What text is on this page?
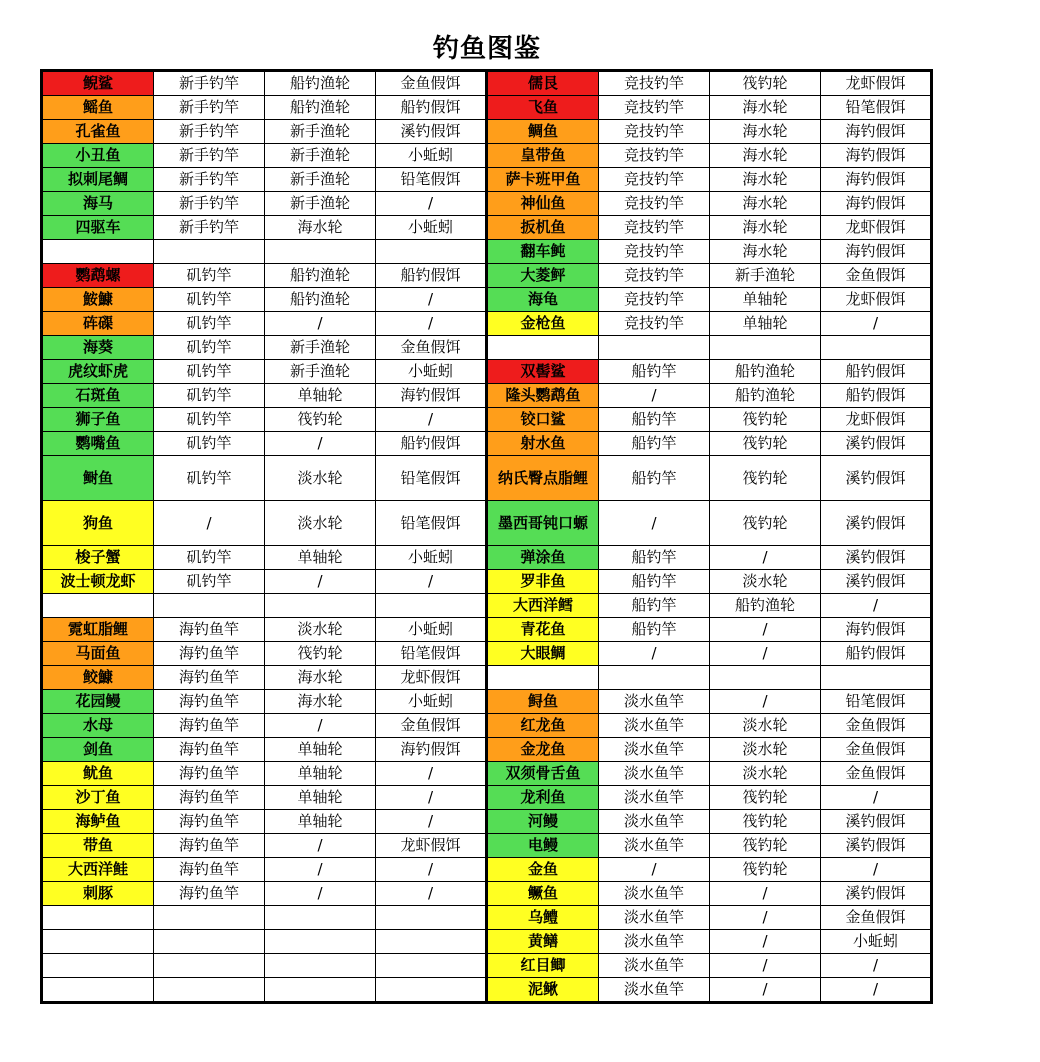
钓鱼图鉴
鲵鲨	新手钓竿	船钓渔轮	金鱼假饵	儒艮	竞技钓竿	筏钓轮	龙虾假饵
鳐鱼	新手钓竿	船钓渔轮	船钓假饵	飞鱼	竞技钓竿	海水轮	铅笔假饵
孔雀鱼	新手钓竿	新手渔轮	溪钓假饵	鲷鱼	竞技钓竿	海水轮	海钓假饵
小丑鱼	新手钓竿	新手渔轮	小蚯蚓	皇带鱼	竞技钓竿	海水轮	海钓假饵
拟刺尾鲷	新手钓竿	新手渔轮	铅笔假饵	萨卡班甲鱼	竞技钓竿	海水轮	海钓假饵
海马	新手钓竿	新手渔轮	/	神仙鱼	竞技钓竿	海水轮	海钓假饵
四驱车	新手钓竿	海水轮	小蚯蚓	扳机鱼	竞技钓竿	海水轮	龙虾假饵
				翻车鲀	竞技钓竿	海水轮	海钓假饵
鹦鹉螺	矶钓竿	船钓渔轮	船钓假饵	大菱鲆	竞技钓竿	新手渔轮	金鱼假饵
鮟鱇	矶钓竿	船钓渔轮	/	海龟	竞技钓竿	单轴轮	龙虾假饵
砗磲	矶钓竿	/	/	金枪鱼	竞技钓竿	单轴轮	/
海葵	矶钓竿	新手渔轮	金鱼假饵				
虎纹虾虎	矶钓竿	新手渔轮	小蚯蚓	双髻鲨	船钓竿	船钓渔轮	船钓假饵
石斑鱼	矶钓竿	单轴轮	海钓假饵	隆头鹦鹉鱼	/	船钓渔轮	船钓假饵
狮子鱼	矶钓竿	筏钓轮	/	铰口鲨	船钓竿	筏钓轮	龙虾假饵
鹦嘴鱼	矶钓竿	/	船钓假饵	射水鱼	船钓竿	筏钓轮	溪钓假饵
鲥鱼	矶钓竿	淡水轮	铅笔假饵	纳氏臀点脂鲤	船钓竿	筏钓轮	溪钓假饵
狗鱼	/	淡水轮	铅笔假饵	墨西哥钝口螈	/	筏钓轮	溪钓假饵
梭子蟹	矶钓竿	单轴轮	小蚯蚓	弹涂鱼	船钓竿	/	溪钓假饵
波士顿龙虾	矶钓竿	/	/	罗非鱼	船钓竿	淡水轮	溪钓假饵
				大西洋鳕	船钓竿	船钓渔轮	/
霓虹脂鲤	海钓鱼竿	淡水轮	小蚯蚓	青花鱼	船钓竿	/	海钓假饵
马面鱼	海钓鱼竿	筏钓轮	铅笔假饵	大眼鲷	/	/	船钓假饵
鲛鱇	海钓鱼竿	海水轮	龙虾假饵				
花园鳗	海钓鱼竿	海水轮	小蚯蚓	鲟鱼	淡水鱼竿	/	铅笔假饵
水母	海钓鱼竿	/	金鱼假饵	红龙鱼	淡水鱼竿	淡水轮	金鱼假饵
剑鱼	海钓鱼竿	单轴轮	海钓假饵	金龙鱼	淡水鱼竿	淡水轮	金鱼假饵
鱿鱼	海钓鱼竿	单轴轮	/	双须骨舌鱼	淡水鱼竿	淡水轮	金鱼假饵
沙丁鱼	海钓鱼竿	单轴轮	/	龙利鱼	淡水鱼竿	筏钓轮	/
海鲈鱼	海钓鱼竿	单轴轮	/	河鳗	淡水鱼竿	筏钓轮	溪钓假饵
带鱼	海钓鱼竿	/	龙虾假饵	电鳗	淡水鱼竿	筏钓轮	溪钓假饵
大西洋鲑	海钓鱼竿	/	/	金鱼	/	筏钓轮	/
刺豚	海钓鱼竿	/	/	鳜鱼	淡水鱼竿	/	溪钓假饵
				乌鳢	淡水鱼竿	/	金鱼假饵
				黄鳝	淡水鱼竿	/	小蚯蚓
				红目鲫	淡水鱼竿	/	/
				泥鳅	淡水鱼竿	/	/
